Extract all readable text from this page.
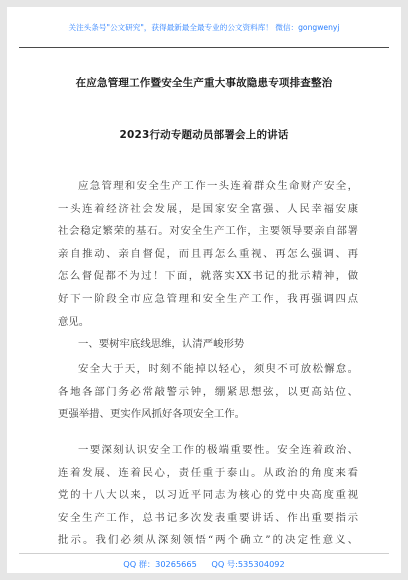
关注头条号"公文研究"，获得最新最全最专业的公文资料库！ 微信：gongwenyj
在应急管理工作暨安全生产重大事故隐患专项排查整治
2023行动专题动员部署会上的讲话
应急管理和安全生产工作一头连着群众生命财产安全，
一头连着经济社会发展，是国家安全富强、人民幸福安康
社会稳定繁荣的基石。对安全生产工作，主要领导要亲自部署
亲自推动、亲自督促，而且再怎么重视、再怎么强调、再
怎么督促都不为过！下面，就落实XX书记的批示精神，做
好下一阶段全市应急管理和安全生产工作，我再强调四点
意见。
一、要树牢底线思维，认清严峻形势
安全大于天，时刻不能掉以轻心，须臾不可放松懈怠。
各地各部门务必常敲警示钟，绷紧思想弦，以更高站位、
更强举措、更实作风抓好各项安全工作。
一要深刻认识安全工作的极端重要性。安全连着政治、
连着发展、连着民心，责任重于泰山。从政治的角度来看
党的十八大以来，以习近平同志为核心的党中央高度重视
安全生产工作，总书记多次发表重要讲话、作出重要指示
批示。我们必须从深刻领悟“两个确立”的决定性意义、
QQ 群：30265665 QQ 号:535304092
